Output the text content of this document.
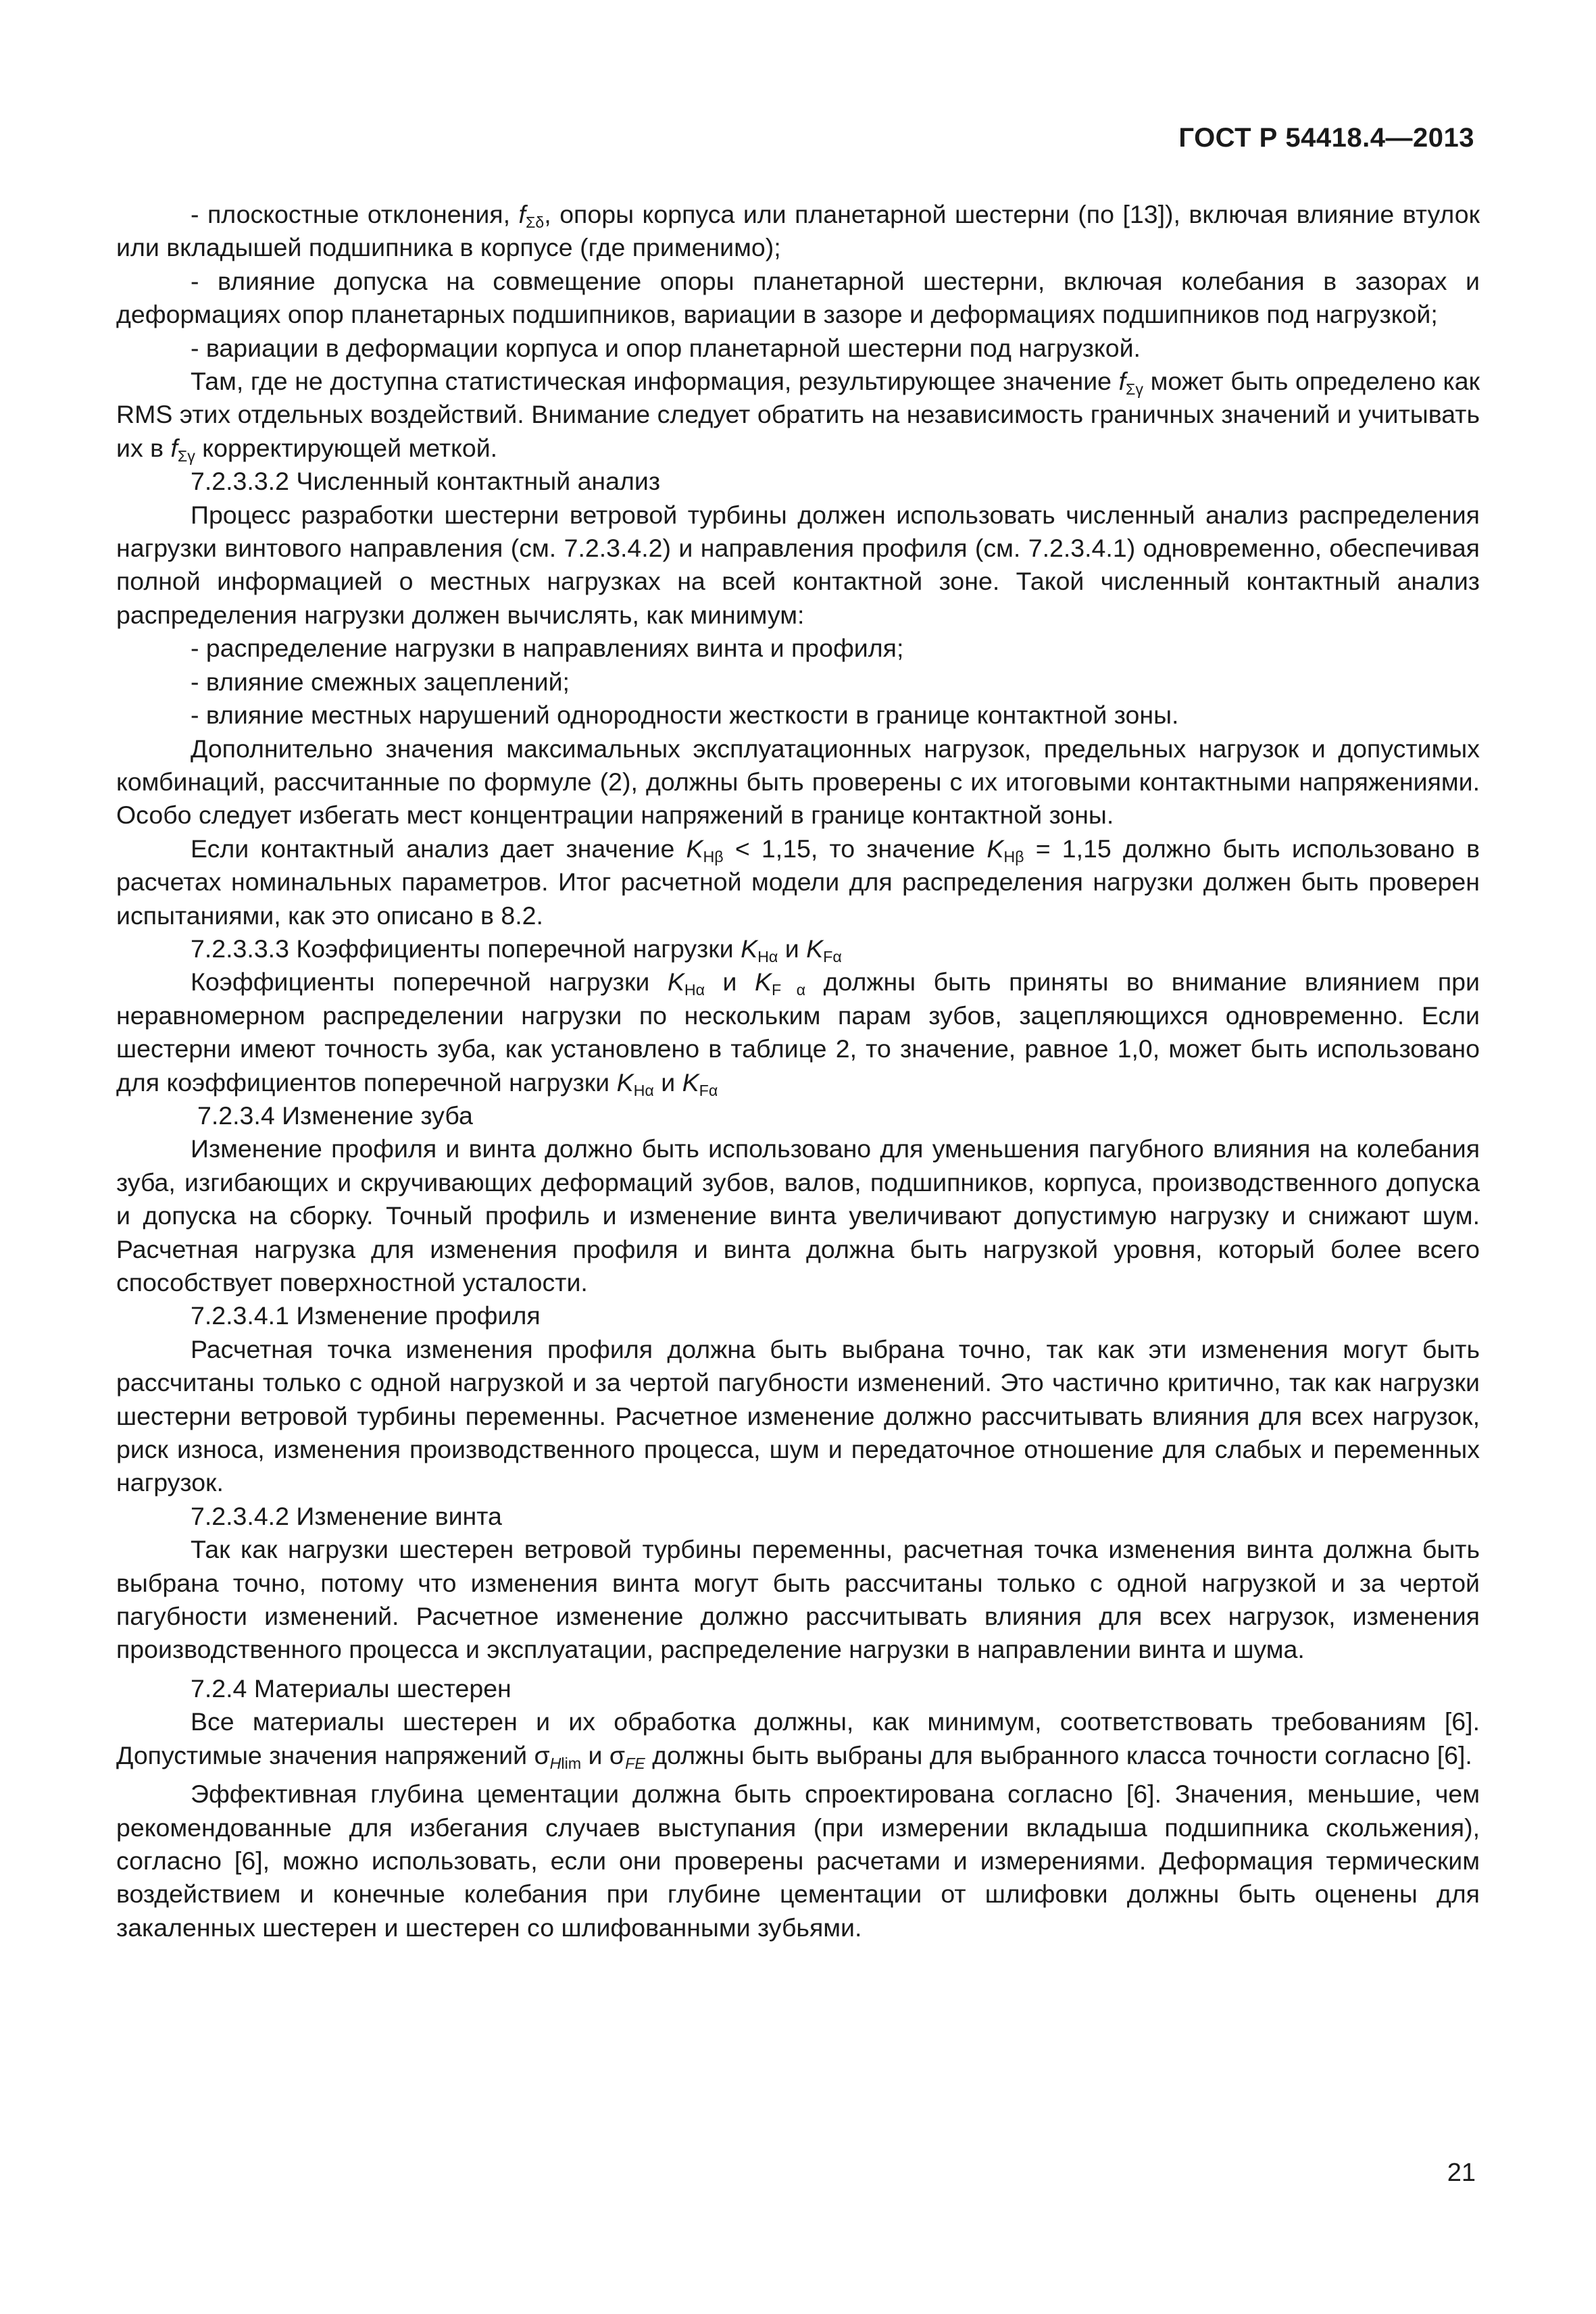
ГОСТ Р 54418.4—2013

- плоскостные отклонения, $f_{\Sigma\delta}$, опоры корпуса или планетарной шестерни (по [13]), включая влияние втулок или вкладышей подшипника в корпусе (где применимо);

- влияние допуска на совмещение опоры планетарной шестерни, включая колебания в зазорах и деформациях опор планетарных подшипников, вариации в зазоре и деформациях подшипников под нагрузкой;

- вариации в деформации корпуса и опор планетарной шестерни под нагрузкой.

Там, где не доступна статистическая информация, результирующее значение $f_{\Sigma\gamma}$ может быть определено как RMS этих отдельных воздействий. Внимание следует обратить на независимость граничных значений и учитывать их в $f_{\Sigma\gamma}$ корректирующей меткой.

7.2.3.3.2 Численный контактный анализ

Процесс разработки шестерни ветровой турбины должен использовать численный анализ распределения нагрузки винтового направления (см. 7.2.3.4.2) и направления профиля (см. 7.2.3.4.1) одновременно, обеспечивая полной информацией о местных нагрузках на всей контактной зоне. Такой численный контактный анализ распределения нагрузки должен вычислять, как минимум:

- распределение нагрузки в направлениях винта и профиля;

- влияние смежных зацеплений;

- влияние местных нарушений однородности жесткости в границе контактной зоны.

Дополнительно значения максимальных эксплуатационных нагрузок, предельных нагрузок и допустимых комбинаций, рассчитанные по формуле (2), должны быть проверены с их итоговыми контактными напряжениями. Особо следует избегать мест концентрации напряжений в границе контактной зоны.

Если контактный анализ дает значение $K_{H\beta} < 1,15$, то значение $K_{H\beta} = 1,15$ должно быть использовано в расчетах номинальных параметров. Итог расчетной модели для распределения нагрузки должен быть проверен испытаниями, как это описано в 8.2.

7.2.3.3.3 Коэффициенты поперечной нагрузки $K_{H\alpha}$ и $K_{F\alpha}$

Коэффициенты поперечной нагрузки $K_{H\alpha}$ и $K_{F \alpha}$ должны быть приняты во внимание влиянием при неравномерном распределении нагрузки по нескольким парам зубов, зацепляющихся одновременно. Если шестерни имеют точность зуба, как установлено в таблице 2, то значение, равное 1,0, может быть использовано для коэффициентов поперечной нагрузки $K_{H\alpha}$ и $K_{F\alpha}$

7.2.3.4 Изменение зуба

Изменение профиля и винта должно быть использовано для уменьшения пагубного влияния на колебания зуба, изгибающих и скручивающих деформаций зубов, валов, подшипников, корпуса, производственного допуска и допуска на сборку. Точный профиль и изменение винта увеличивают допустимую нагрузку и снижают шум. Расчетная нагрузка для изменения профиля и винта должна быть нагрузкой уровня, который более всего способствует поверхностной усталости.

7.2.3.4.1 Изменение профиля

Расчетная точка изменения профиля должна быть выбрана точно, так как эти изменения могут быть рассчитаны только с одной нагрузкой и за чертой пагубности изменений. Это частично критично, так как нагрузки шестерни ветровой турбины переменны. Расчетное изменение должно рассчитывать влияния для всех нагрузок, риск износа, изменения производственного процесса, шум и передаточное отношение для слабых и переменных нагрузок.

7.2.3.4.2 Изменение винта

Так как нагрузки шестерен ветровой турбины переменны, расчетная точка изменения винта должна быть выбрана точно, потому что изменения винта могут быть рассчитаны только с одной нагрузкой и за чертой пагубности изменений. Расчетное изменение должно рассчитывать влияния для всех нагрузок, изменения производственного процесса и эксплуатации, распределение нагрузки в направлении винта и шума.

7.2.4 Материалы шестерен

Все материалы шестерен и их обработка должны, как минимум, соответствовать требованиям [6]. Допустимые значения напряжений $\sigma_{Hlim}$ и $\sigma_{FE}$ должны быть выбраны для выбранного класса точности согласно [6].

Эффективная глубина цементации должна быть спроектирована согласно [6]. Значения, меньшие, чем рекомендованные для избегания случаев выступания (при измерении вкладыша подшипника скольжения), согласно [6], можно использовать, если они проверены расчетами и измерениями. Деформация термическим воздействием и конечные колебания при глубине цементации от шлифовки должны быть оценены для закаленных шестерен и шестерен со шлифованными зубьями.

21
